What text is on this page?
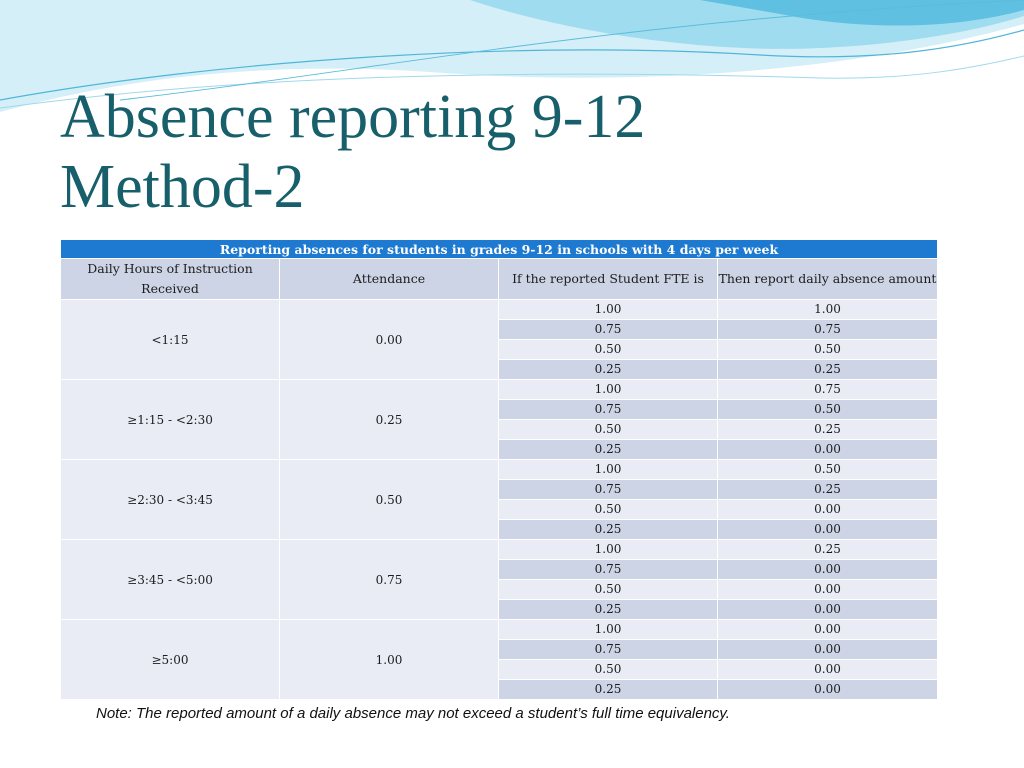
Absence reporting 9-12
Method-2
Reporting absences for students in grades 9-12 in schools with 4 days per week			
Daily Hours of Instruction Received	Attendance	If the reported Student FTE is	Then report daily absence amount
<1:15	0.00	1.00	1.00
		0.75	0.75
		0.50	0.50
		0.25	0.25
≥1:15 - <2:30	0.25	1.00	0.75
		0.75	0.50
		0.50	0.25
		0.25	0.00
≥2:30 - <3:45	0.50	1.00	0.50
		0.75	0.25
		0.50	0.00
		0.25	0.00
≥3:45 - <5:00	0.75	1.00	0.25
		0.75	0.00
		0.50	0.00
		0.25	0.00
≥5:00	1.00	1.00	0.00
		0.75	0.00
		0.50	0.00
		0.25	0.00

Note: The reported amount of a daily absence may not exceed a student’s full time equivalency.
